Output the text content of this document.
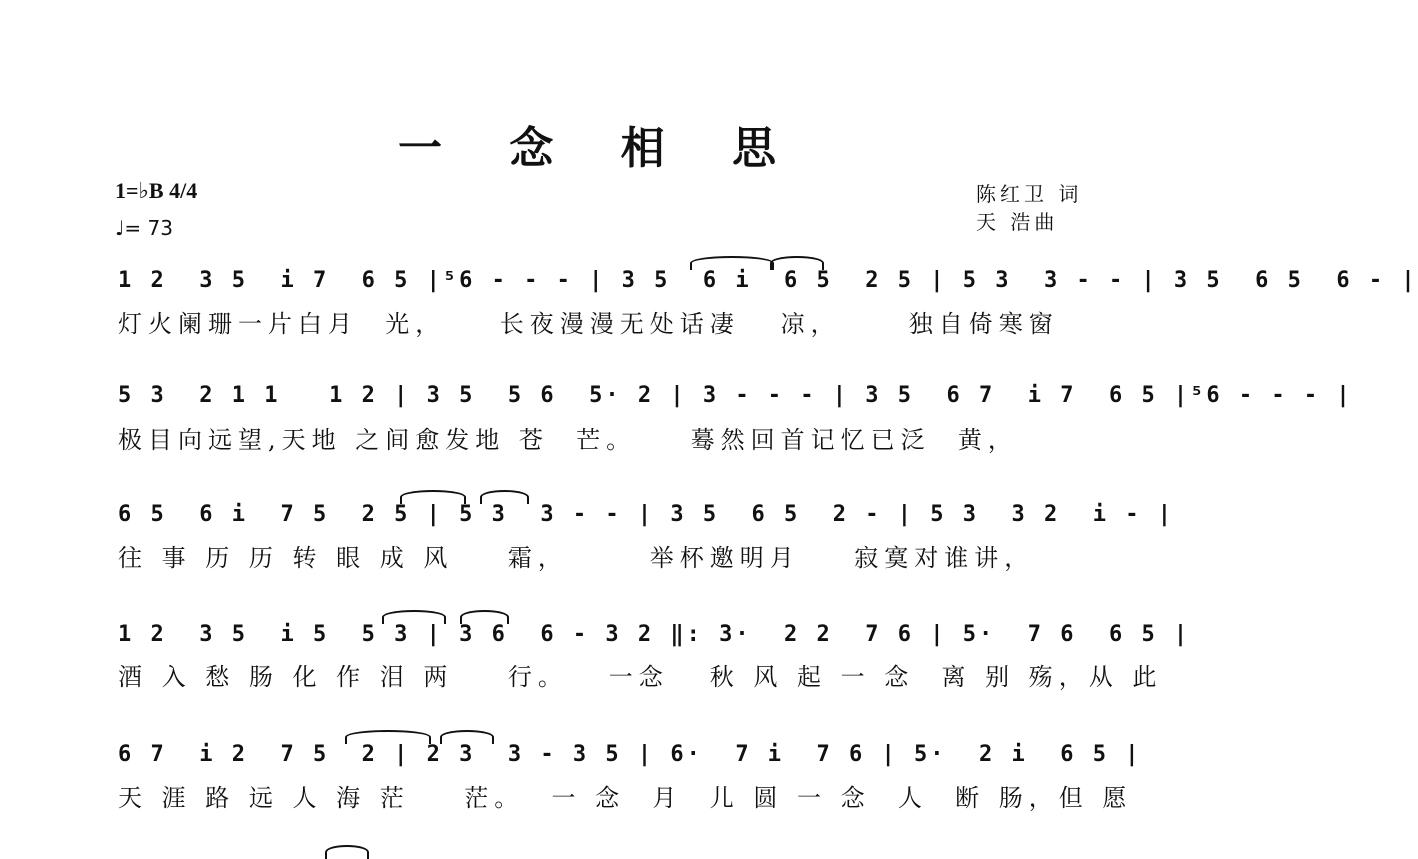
一 念 相 思
1=♭B 4/4
♩= 73
陈红卫 词
天 浩曲
1 2  3 5  i 7  6 5 |⁵6 - - - | 3 5  6 i  6 5  2 5 | 5 3  3 - - | 3 5  6 5  6 - |
灯火阑珊一片白月  光，    长夜漫漫无处话凄   凉，     独自倚寒窗
5 3  2 1 1   1 2 | 3 5  5 6  5· 2 | 3 - - - | 3 5  6 7  i 7  6 5 |⁵6 - - - |
极目向远望,天地 之间愈发地 苍  芒。    蓦然回首记忆已泛  黄，
6 5  6 i  7 5  2 5 | 5 3  3 - - | 3 5  6 5  2 - | 5 3  3 2  i - |
往 事 历 历 转 眼 成 风    霜，      举杯邀明月    寂寞对谁讲，
1 2  3 5  i 5  5 3 | 3 6  6 - 3 2 ‖: 3·  2 2  7 6 | 5·  7 6  6 5 |
酒 入 愁 肠 化 作 泪 两    行。   一念   秋 风 起 一 念  离 别 殇，从 此
6 7  i 2  7 5  2 | 2 3  3 - 3 5 | 6·  7 i  7 6 | 5·  2 i  6 5 |
天 涯 路 远 人 海 茫    茫。  一 念  月  儿 圆 一 念  人  断 肠，但 愿
